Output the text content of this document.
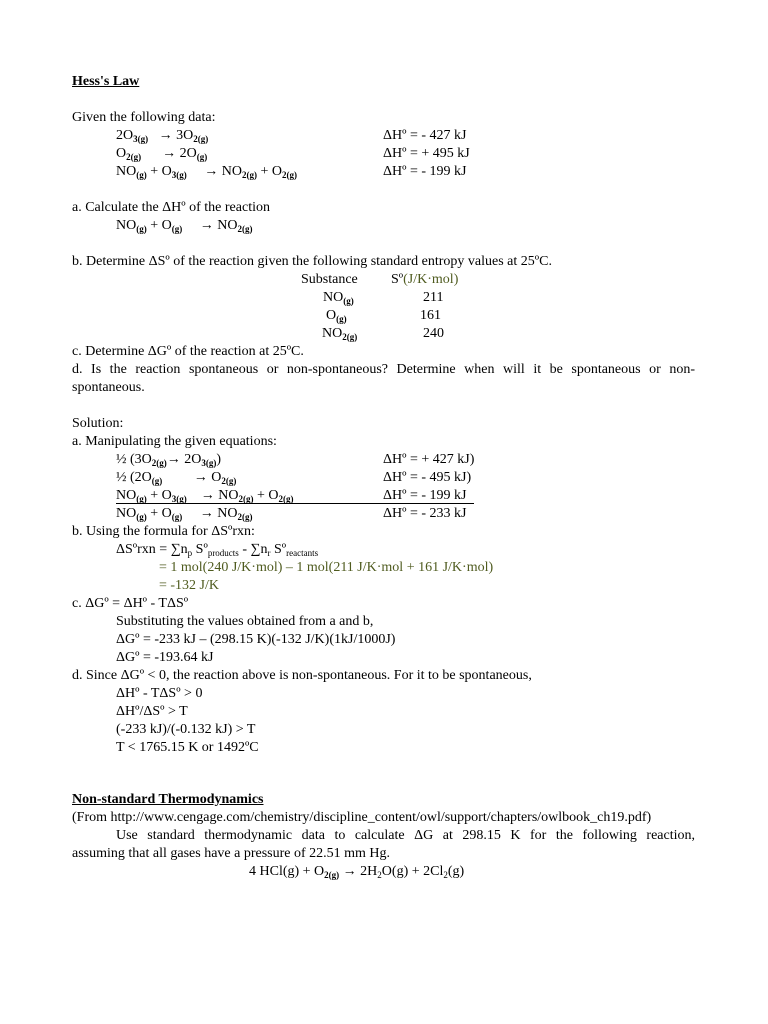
Hess's Law
Given the following data:
$2O_{3(g)} \to 3O_{2(g)}$	ΔHº = - 427 kJ
$O_{2(g)} \to 2O_{(g)}$	ΔHº = + 495 kJ
$NO_{(g)} + O_{3(g)} \to NO_{2(g)} + O_{2(g)}$	ΔHº = - 199 kJ
a. Calculate the ΔHº of the reaction
$NO_{(g)} + O_{(g)} \to NO_{2(g)}$
b. Determine ΔSº of the reaction given the following standard entropy values at 25ºC.
Substance Sº(J/K·mol)
$NO_{(g)}$	211
$O_{(g)}$	161
$NO_{2(g)}$	240
c. Determine ΔGº of the reaction at 25ºC.
d. Is the reaction spontaneous or non-spontaneous? Determine when will it be spontaneous or non-
spontaneous.
Solution:
a. Manipulating the given equations:
½ $(3O_{2(g)}\to 2O_{3(g)})$	ΔHº = + 427 kJ)
½ ($2O_{(g)} \to O_{2(g)}$	ΔHº = - 495 kJ)
$NO_{(g)} + O_{3(g)} \to NO_{2(g)} + O_{2(g)}$	ΔHº = - 199 kJ
$NO_{(g)} + O_{(g)} \to NO_{2(g)}$	ΔHº = - 233 kJ
b. Using the formula for ΔSºrxn:
ΔSºrxn = $\sum n_p$ Sº$_{products}$ - $\sum n_r$ Sº$_{reactants}$
= 1 mol(240 J/K·mol) – 1 mol(211 J/K·mol + 161 J/K·mol)
= -132 J/K
c. ΔGº = ΔHº - TΔSº
Substituting the values obtained from a and b,
ΔGº = -233 kJ – (298.15 K)(-132 J/K)(1kJ/1000J)
ΔGº = -193.64 kJ
d. Since ΔGº < 0, the reaction above is non-spontaneous. For it to be spontaneous,
ΔHº - TΔSº > 0
ΔHº/ΔSº > T
(-233 kJ)/(-0.132 kJ) > T
T < 1765.15 K or 1492ºC
Non-standard Thermodynamics
(From http://www.cengage.com/chemistry/discipline_content/owl/support/chapters/owlbook_ch19.pdf)
Use standard thermodynamic data to calculate ΔG at 298.15 K for the following reaction,
assuming that all gases have a pressure of 22.51 mm Hg.
4 $HCl(g) + O_{2(g)} \to 2H_2O(g) + 2Cl_2(g)$
